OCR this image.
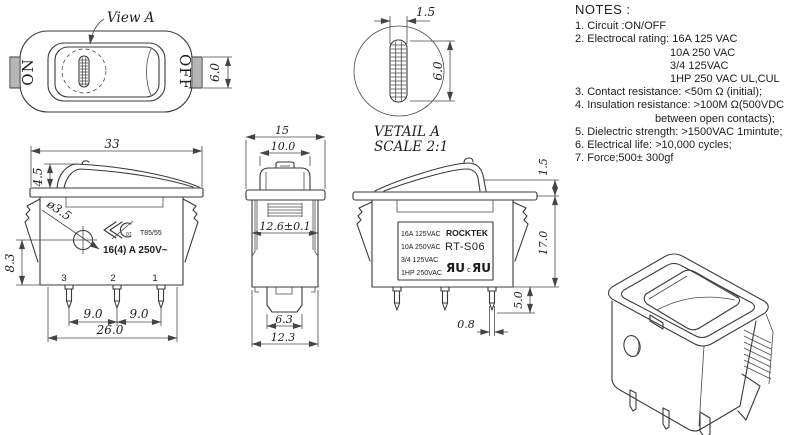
View A
ON	OFF 6.0
1.5
6.0
VETAIL A
SCALE 2:1
33
4.5
ø3.5
16(4) A 250V~
07 T85/55
8.3
3	2	1
9.0 9.0
26.0
15
10.0
12.6±0.1
6.3
12.3
16A 125VAC
10A 250VAC
3/4 125VAC
1HP 250VAC
ROCKTEK
RT-S06
ЯU c ЯU
0.8
1.5
17.0
5.0
NOTES :
1. Circuit :ON/OFF
2. Electrocal rating: 16A 125 VAC
10A 250 VAC
3/4 125VAC
1HP 250 VAC UL,CUL
3. Contact resistance: <50m Ω (initial);
4. Insulation resistance: >100M Ω(500VDC
between open contacts);
5. Dielectric strength: >1500VAC 1mintute;
6. Electrical life: >10,000 cycles;
7. Force;500± 300gf
